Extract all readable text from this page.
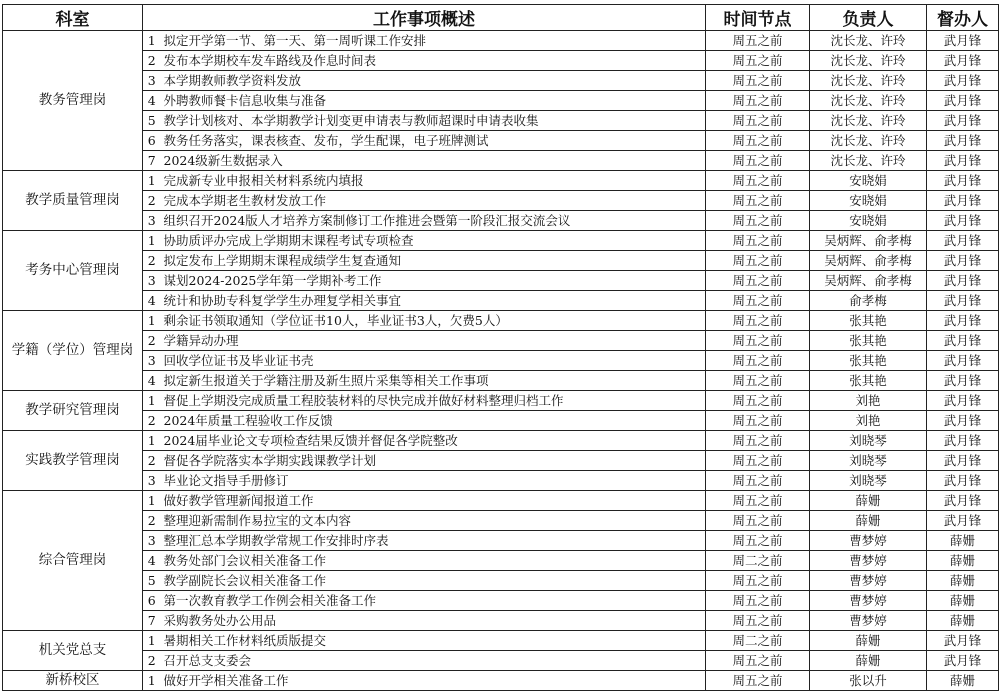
科室	工作事项概述		时间节点	负责人	督办人
教务管理岗	1	拟定开学第一节、第一天、第一周听课工作安排	周五之前	沈长龙、许玲	武月锋
	2	发布本学期校车发车路线及作息时间表	周五之前	沈长龙、许玲	武月锋
	3	本学期教师教学资料发放	周五之前	沈长龙、许玲	武月锋
	4	外聘教师餐卡信息收集与准备	周五之前	沈长龙、许玲	武月锋
	5	教学计划核对、本学期教学计划变更申请表与教师超课时申请表收集	周五之前	沈长龙、许玲	武月锋
	6	教务任务落实，课表核查、发布，学生配课，电子班牌测试	周五之前	沈长龙、许玲	武月锋
	7	2024级新生数据录入	周五之前	沈长龙、许玲	武月锋
教学质量管理岗	1	完成新专业申报相关材料系统内填报	周五之前	安晓娟	武月锋
	2	完成本学期老生教材发放工作	周五之前	安晓娟	武月锋
	3	组织召开2024版人才培养方案制修订工作推进会暨第一阶段汇报交流会议	周五之前	安晓娟	武月锋
考务中心管理岗	1	协助质评办完成上学期期末课程考试专项检查	周五之前	吴炳辉、俞孝梅	武月锋
	2	拟定发布上学期期末课程成绩学生复查通知	周五之前	吴炳辉、俞孝梅	武月锋
	3	谋划2024-2025学年第一学期补考工作	周五之前	吴炳辉、俞孝梅	武月锋
	4	统计和协助专科复学学生办理复学相关事宜	周五之前	俞孝梅	武月锋
学籍（学位）管理岗	1	剩余证书领取通知（学位证书10人，毕业证书3人，欠费5人）	周五之前	张其艳	武月锋
	2	学籍异动办理	周五之前	张其艳	武月锋
	3	回收学位证书及毕业证书壳	周五之前	张其艳	武月锋
	4	拟定新生报道关于学籍注册及新生照片采集等相关工作事项	周五之前	张其艳	武月锋
教学研究管理岗	1	督促上学期没完成质量工程胶装材料的尽快完成并做好材料整理归档工作	周五之前	刘艳	武月锋
	2	2024年质量工程验收工作反馈	周五之前	刘艳	武月锋
实践教学管理岗	1	2024届毕业论文专项检查结果反馈并督促各学院整改	周五之前	刘晓琴	武月锋
	2	督促各学院落实本学期实践课教学计划	周五之前	刘晓琴	武月锋
	3	毕业论文指导手册修订	周五之前	刘晓琴	武月锋
综合管理岗	1	做好教学管理新闻报道工作	周五之前	薛姗	武月锋
	2	整理迎新需制作易拉宝的文本内容	周五之前	薛姗	武月锋
	3	整理汇总本学期教学常规工作安排时序表	周五之前	曹梦婷	薛姗
	4	教务处部门会议相关准备工作	周二之前	曹梦婷	薛姗
	5	教学副院长会议相关准备工作	周五之前	曹梦婷	薛姗
	6	第一次教育教学工作例会相关准备工作	周五之前	曹梦婷	薛姗
	7	采购教务处办公用品	周五之前	曹梦婷	薛姗
机关党总支	1	暑期相关工作材料纸质版提交	周二之前	薛姗	武月锋
	2	召开总支支委会	周五之前	薛姗	武月锋
新桥校区	1	做好开学相关准备工作	周五之前	张以升	薛姗
